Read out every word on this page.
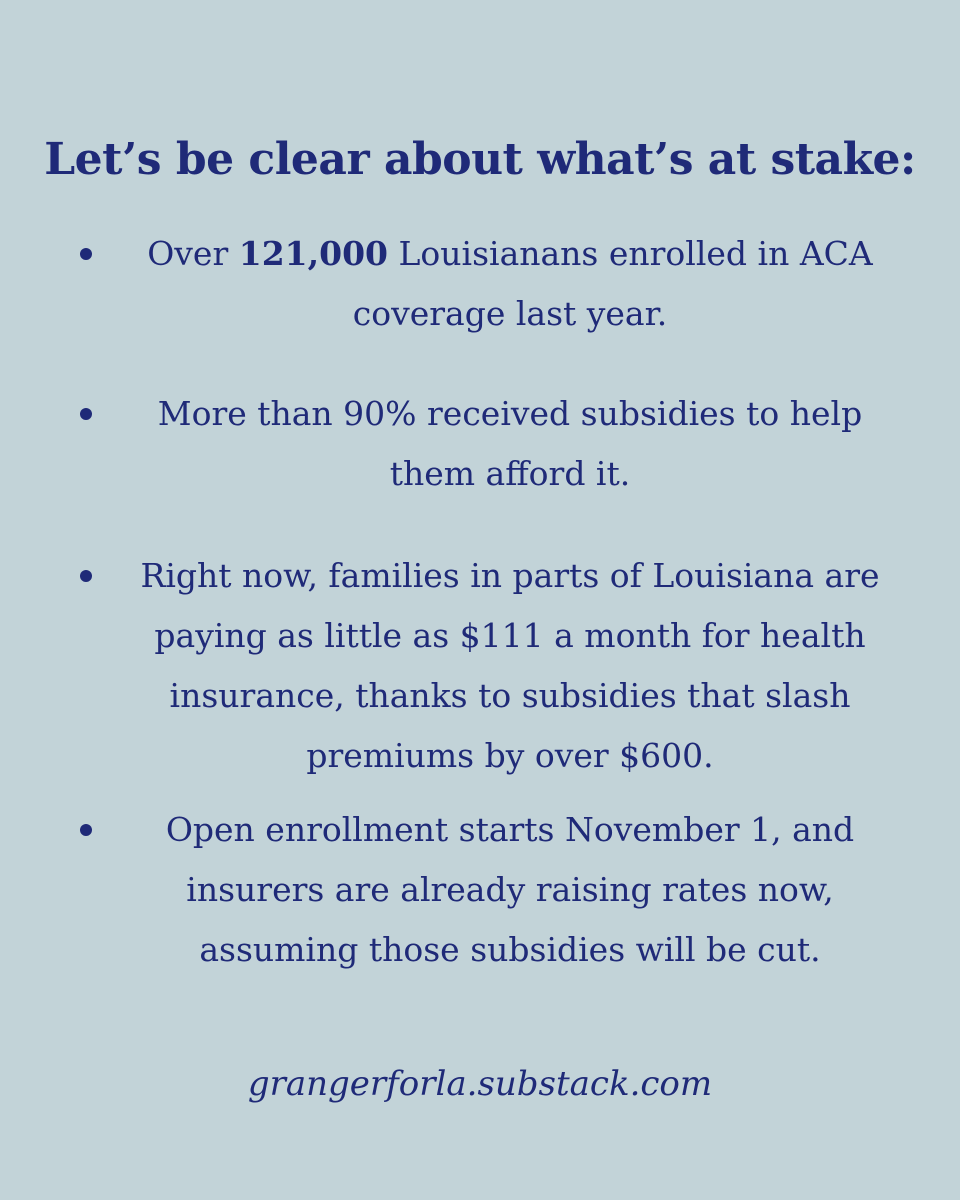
Let’s be clear about what’s at stake:
Over 121,000 Louisianans enrolled in ACA coverage last year.
More than 90% received subsidies to help them afford it.
Right now, families in parts of Louisiana are paying as little as $111 a month for health insurance, thanks to subsidies that slash premiums by over $600.
Open enrollment starts November 1, and insurers are already raising rates now, assuming those subsidies will be cut.
grangerforla.substack.com
